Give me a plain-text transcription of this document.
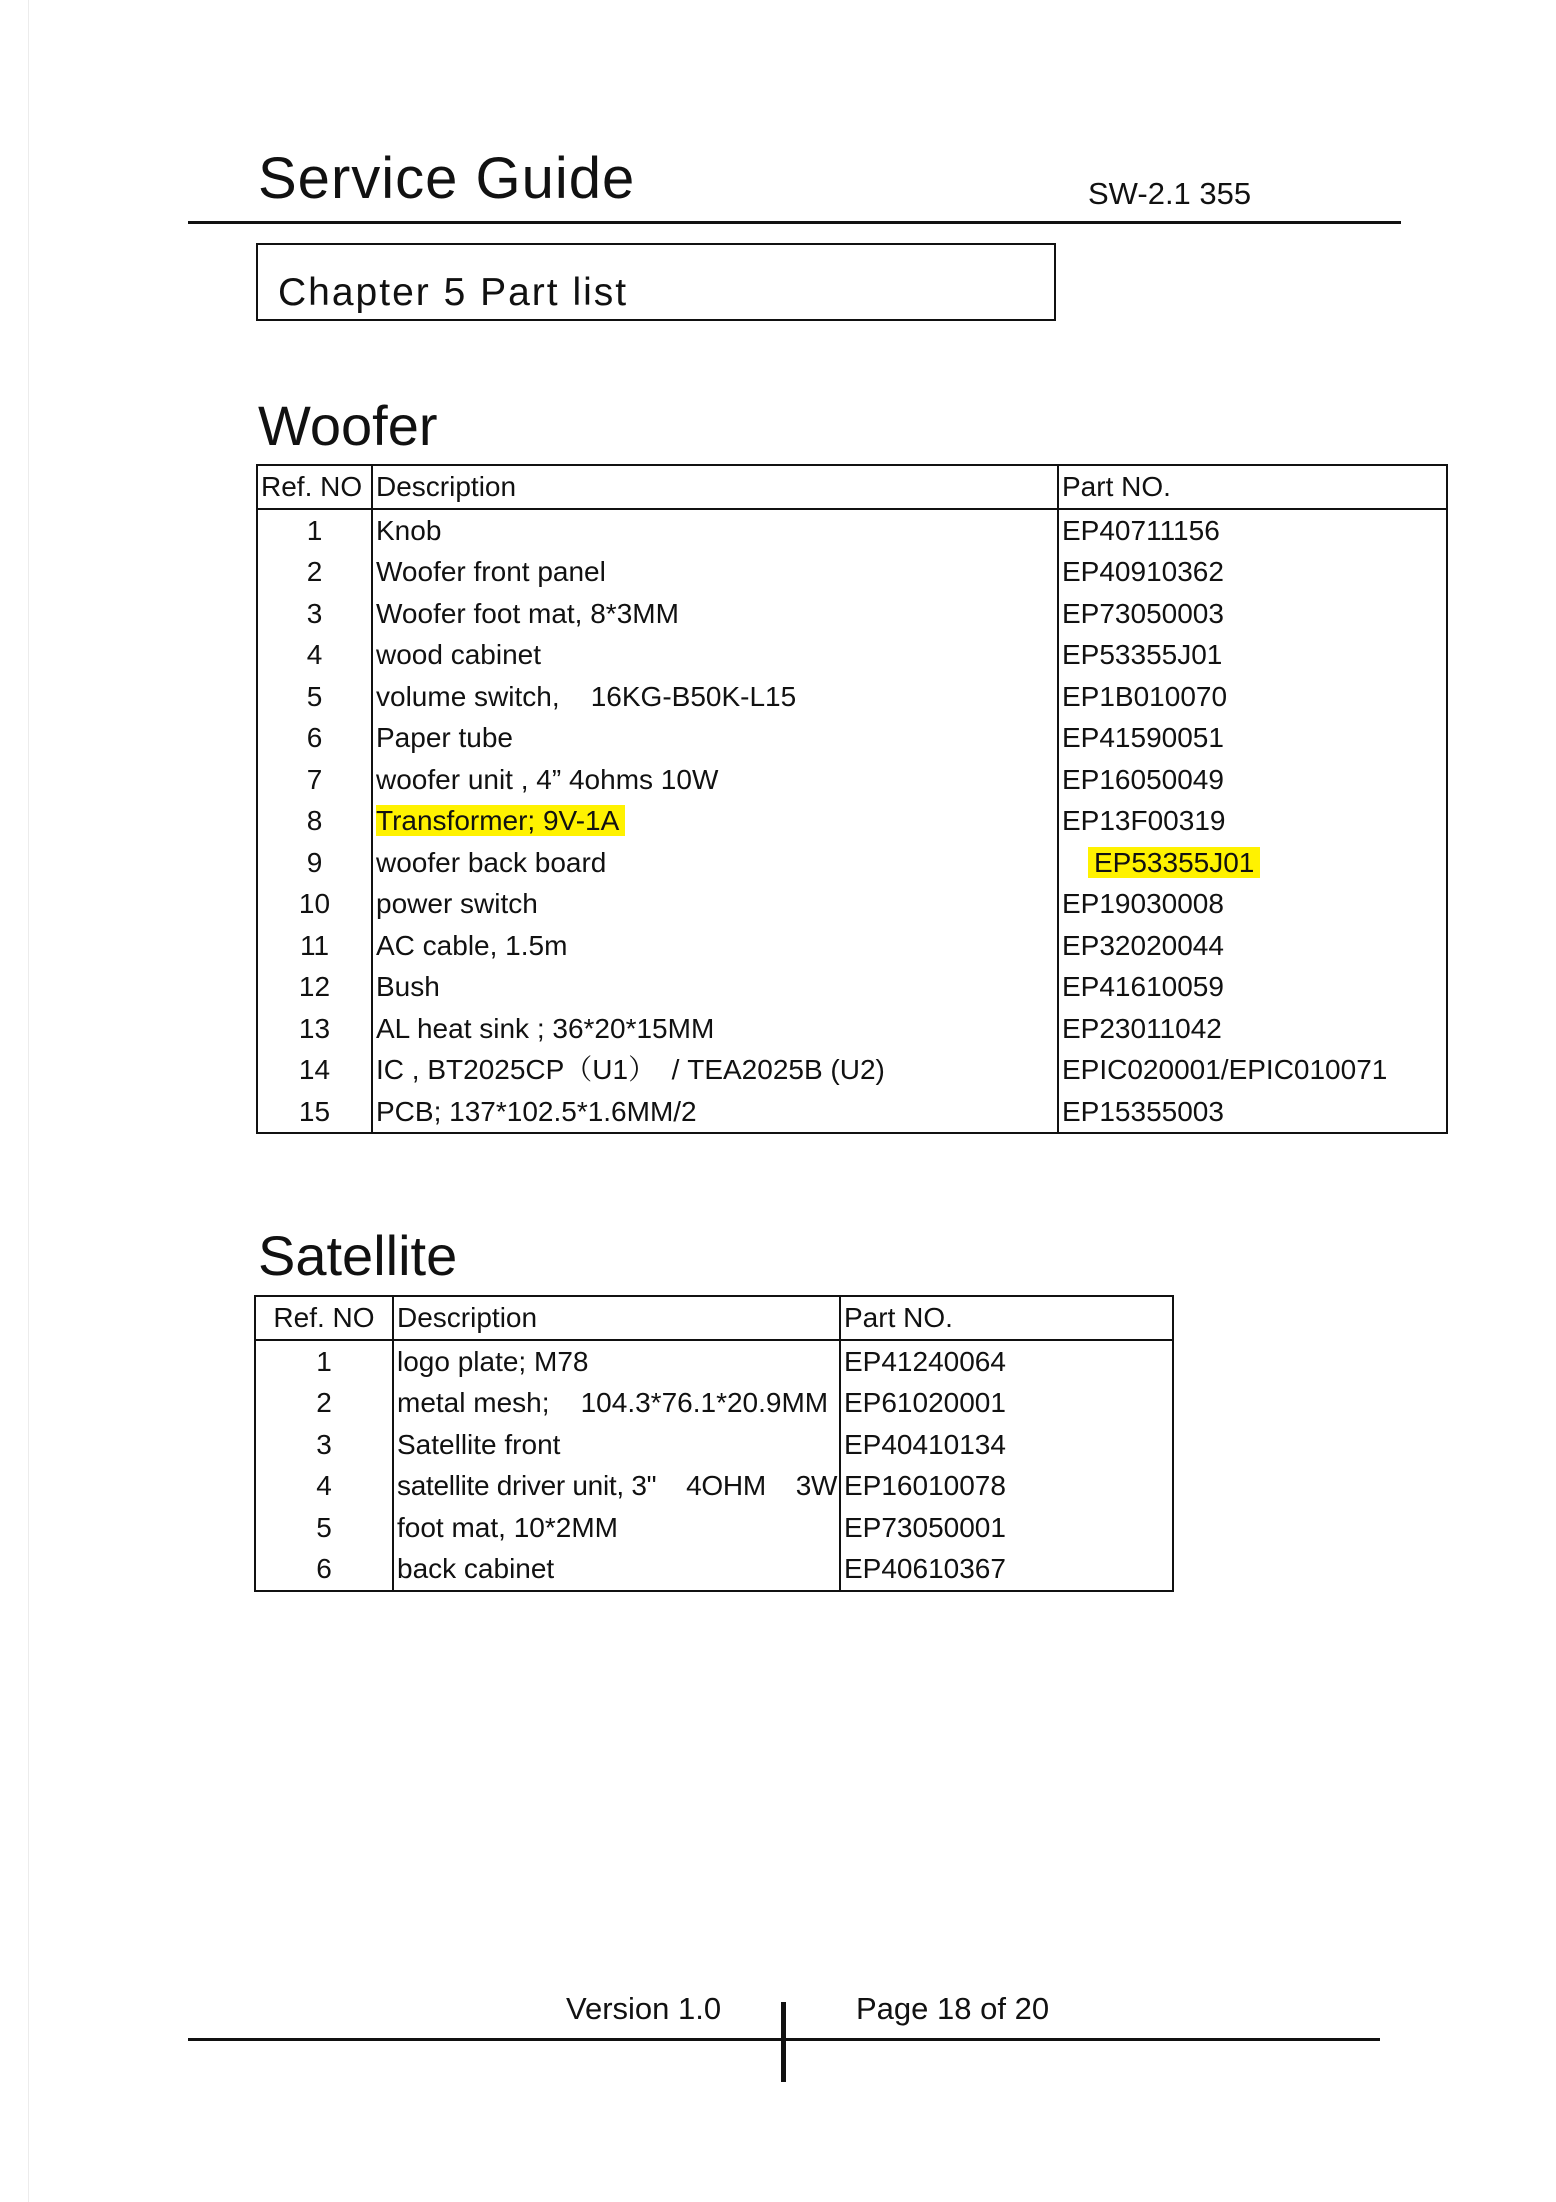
Service Guide	SW-2.1 355
Chapter 5 Part list
Woofer
Ref. NO	Description	Part NO.
1	Knob	EP40711156
2	Woofer front panel	EP40910362
3	Woofer foot mat, 8*3MM	EP73050003
4	wood cabinet	EP53355J01
5	volume switch,    16KG-B50K-L15	EP1B010070
6	Paper tube	EP41590051
7	woofer unit , 4” 4ohms 10W	EP16050049
8	Transformer; 9V-1A	EP13F00319
9	woofer back board	EP53355J01
10	power switch	EP19030008
11	AC cable, 1.5m	EP32020044
12	Bush	EP41610059
13	AL heat sink ; 36*20*15MM	EP23011042
14	IC , BT2025CP（U1）  / TEA2025B (U2)	EPIC020001/EPIC010071
15	PCB; 137*102.5*1.6MM/2	EP15355003
Satellite
Ref. NO	Description	Part NO.
1	logo plate; M78	EP41240064
2	metal mesh;    104.3*76.1*20.9MM	EP61020001
3	Satellite front	EP40410134
4	satellite driver unit, 3"    4OHM    3W	EP16010078
5	foot mat, 10*2MM	EP73050001
6	back cabinet	EP40610367
Version 1.0	Page 18 of 20
